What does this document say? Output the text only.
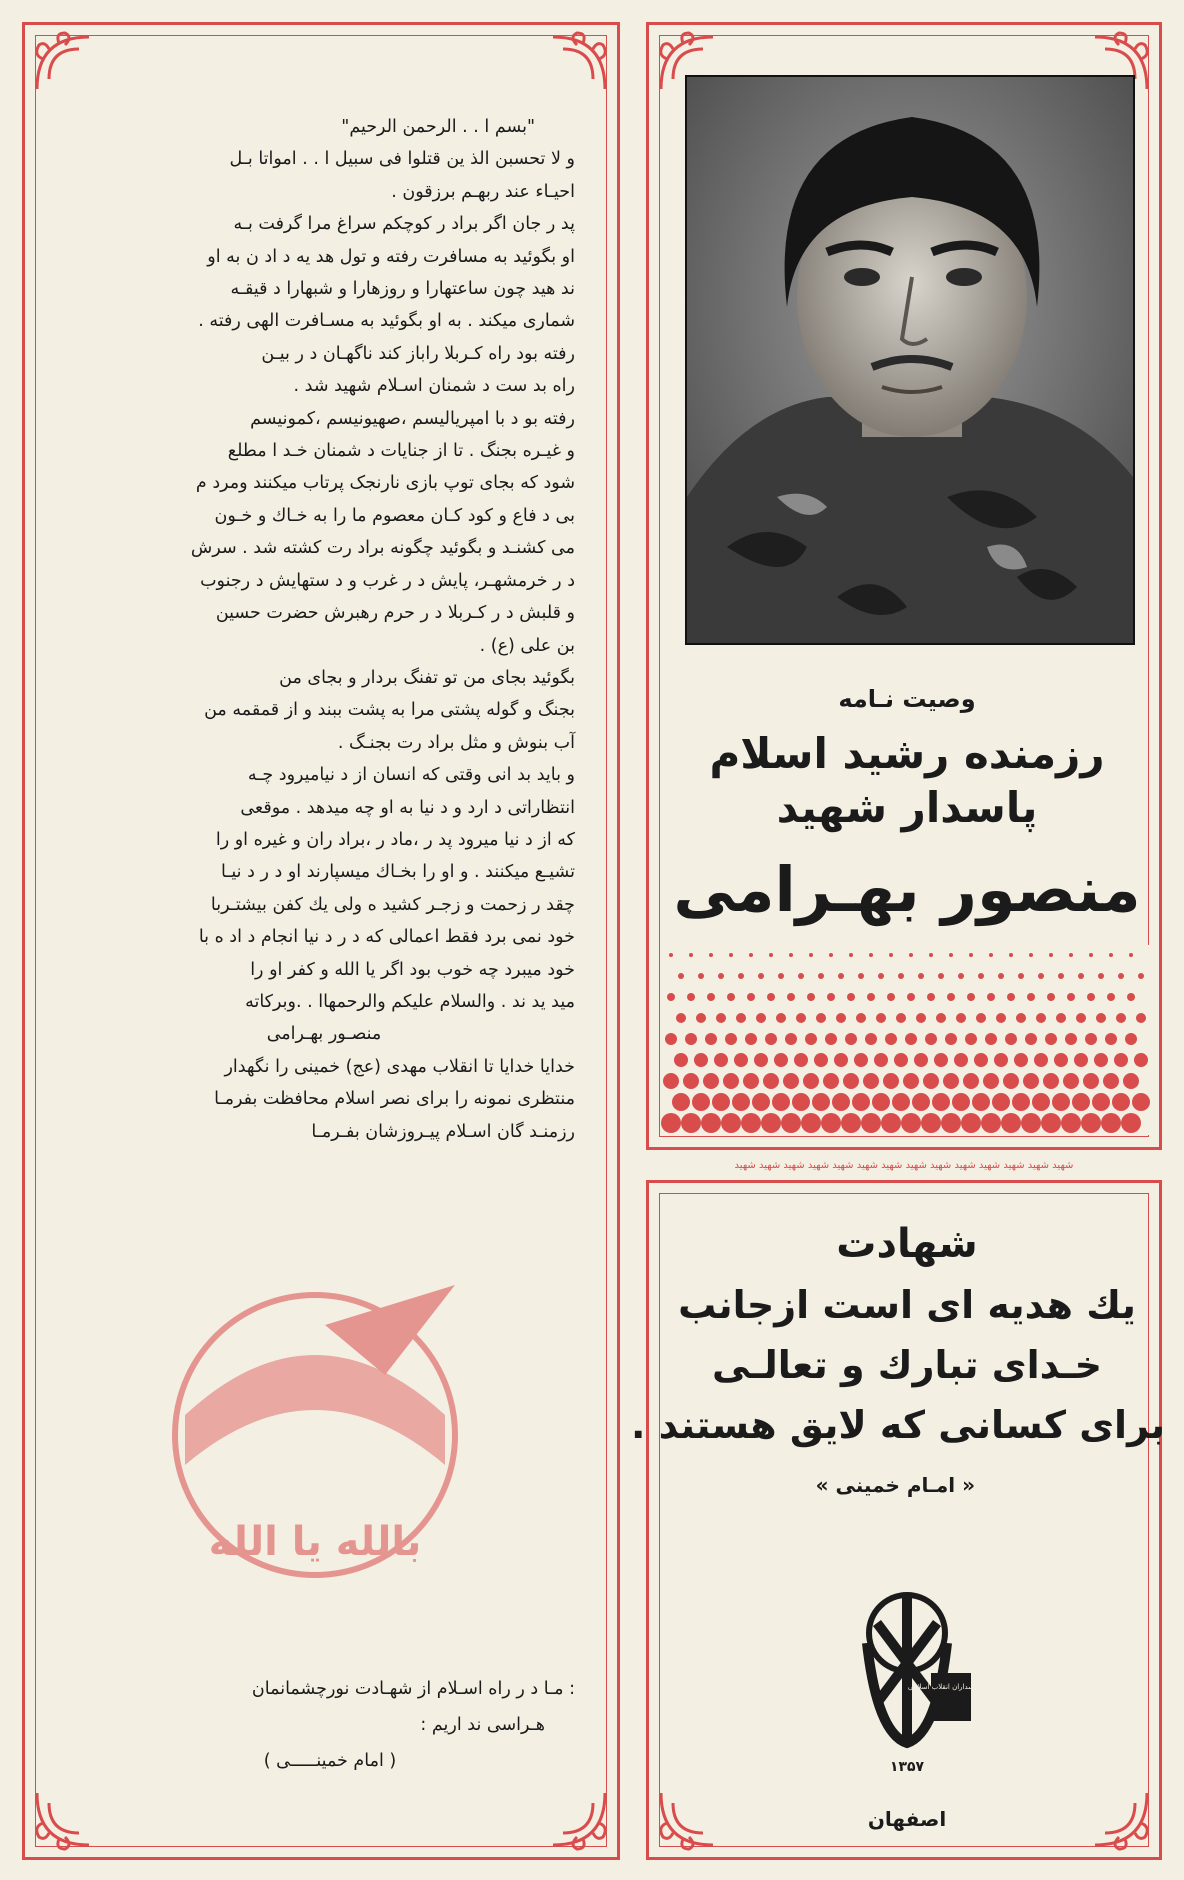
بالله یا الله
"بسم ا . . الرحمن الرحیم"
و لا تحسبن الذ ین قتلوا فی سبیل ا . . امواتا بـل
احیـاء عند ربهـم برزقون .
پد ر جان اگر براد ر کوچکم سراغ مرا گرفت بـه
او بگوئید به مسافرت رفته و تول هد یه د اد ن به او
ند هید چون ساعتهارا و روزهارا و شبهارا د قیقـه
شماری میکند . به او بگوئید به مسـافرت الهی رفته .
رفته بود راه کـربلا راباز کند ناگهـان د ر بیـن
راه بد ست د شمنان اسـلام شهید شد .
رفته بو د با امپریالیسم ،صهیونیسم ،کمونیسم
و غیـره بجنگ . تا از جنایات د شمنان خـد ا مطلع
شود که بجای توپ بازی نارنجک پرتاب میکنند ومرد م
بی د فاع و کود کـان معصوم ما را به خـاك و خـون
می کشنـد و بگوئید چگونه براد رت کشته شد . سرش
د ر خرمشهـر، پایش د ر غرب و د ستهایش د رجنوب
و قلبش د ر کـربلا د ر حرم رهبرش حضرت حسین
بن علی (ع) .
بگوئید بجای من تو تفنگ بردار و بجای من
بجنگ و گوله پشتی مرا به پشت ببند و از قمقمه من
آب بنوش و مثل براد رت بجنـگ .
و باید بد انی وقتی که انسان از د نیامیرود چـه
انتظاراتی د ارد و د نیا به او چه میدهد . موقعی
که از د نیا میرود پد ر ،ماد ر ،براد ران و غیره او را
تشیـع میکنند . و او را بخـاك میسپارند او د ر د نیـا
چقد ر زحمت و زجـر کشید ه ولی یك کفن بیشتـربا
خود نمی برد فقط اعمالی که د ر د نیا انجام د اد ه با
خود میبرد چه خوب بود اگر یا الله و کفر او را
مید ید ند . والسلام علیکم والرحمهاا . .وبرکاته
منصـور بهـرامی
خدایا خدایا تا انقلاب مهدی (عج) خمینی را نگهدار
منتظری نمونه را برای نصر اسلام محافظت بفرمـا
رزمنـد گان اسـلام پیـروزشان بفـرمـا
: مـا د ر راه اسـلام از شهـادت نورچشمانمان
هـراسی ند اریم :
( امام خمینـــــی )
وصیت نـامه
رزمنده رشید اسلام
پاسدار شهید
منصور بهـرامی
شهید شهید شهید شهید شهید شهید شهید شهید شهید شهید شهید شهید شهید شهید
شهادت
یك هدیه ای است ازجانب
خـدای تبارك و تعالـی
برای کسانی که لایق هستند .
« امـام خمینی »
سپاه پاسداران انقلاب اسلامی
۱۳۵۷
اصفهان
